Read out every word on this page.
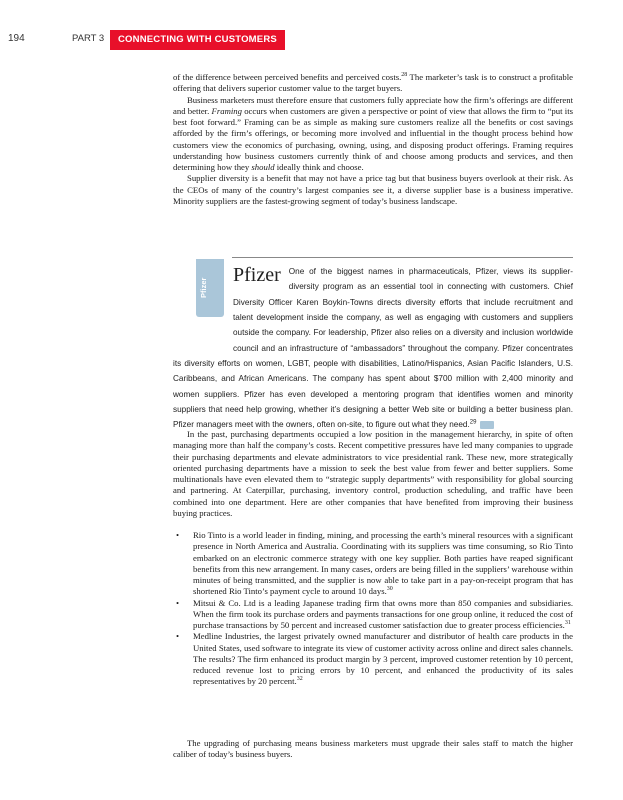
194	PART 3	CONNECTING WITH CUSTOMERS

of the difference between perceived benefits and perceived costs.$^{28}$ The marketer’s task is to construct a profitable offering that delivers superior customer value to the target buyers.

Business marketers must therefore ensure that customers fully appreciate how the firm’s offerings are different and better. Framing occurs when customers are given a perspective or point of view that allows the firm to “put its best foot forward.” Framing can be as simple as making sure customers realize all the benefits or cost savings afforded by the firm’s offerings, or becoming more involved and influential in the thought process behind how customers view the economics of purchasing, owning, using, and disposing product offerings. Framing requires understanding how business customers currently think of and choose among products and services, and then determining how they should ideally think and choose.

Supplier diversity is a benefit that may not have a price tag but that business buyers overlook at their risk. As the CEOs of many of the country’s largest companies see it, a diverse supplier base is a business imperative. Minority suppliers are the fastest-growing segment of today’s business landscape.

Pfizer
Pfizer One of the biggest names in pharmaceuticals, Pfizer, views its supplier-diversity program as an essential tool in connecting with customers. Chief Diversity Officer Karen Boykin-Towns directs diversity efforts that include recruitment and talent development inside the company, as well as engaging with customers and suppliers outside the company. For leadership, Pfizer also relies on a diversity and inclusion worldwide council and an infrastructure of “ambassadors” throughout the company. Pfizer concentrates its diversity efforts on women, LGBT, people with disabilities, Latino/Hispanics, Asian Pacific Islanders, U.S. Caribbeans, and African Americans. The company has spent about $700 million with 2,400 minority and women suppliers. Pfizer has even developed a mentoring program that identifies women and minority suppliers that need help growing, whether it’s designing a better Web site or building a better business plan. Pfizer managers meet with the owners, often on-site, to figure out what they need.$^{29}$

In the past, purchasing departments occupied a low position in the management hierarchy, in spite of often managing more than half the company’s costs. Recent competitive pressures have led many companies to upgrade their purchasing departments and elevate administrators to vice presidential rank. These new, more strategically oriented purchasing departments have a mission to seek the best value from fewer and better suppliers. Some multinationals have even elevated them to “strategic supply departments” with responsibility for global sourcing and partnering. At Caterpillar, purchasing, inventory control, production scheduling, and traffic have been combined into one department. Here are other companies that have benefited from improving their business buying practices.

• Rio Tinto is a world leader in finding, mining, and processing the earth’s mineral resources with a significant presence in North America and Australia. Coordinating with its suppliers was time consuming, so Rio Tinto embarked on an electronic commerce strategy with one key supplier. Both parties have reaped significant benefits from this new arrangement. In many cases, orders are being filled in the suppliers’ warehouse within minutes of being transmitted, and the supplier is now able to take part in a pay-on-receipt program that has shortened Rio Tinto’s payment cycle to around 10 days.$^{30}$
• Mitsui & Co. Ltd is a leading Japanese trading firm that owns more than 850 companies and subsidiaries. When the firm took its purchase orders and payments transactions for one group online, it reduced the cost of purchase transactions by 50 percent and increased customer satisfaction due to greater process efficiencies.$^{31}$
• Medline Industries, the largest privately owned manufacturer and distributor of health care products in the United States, used software to integrate its view of customer activity across online and direct sales channels. The results? The firm enhanced its product margin by 3 percent, improved customer retention by 10 percent, reduced revenue lost to pricing errors by 10 percent, and enhanced the productivity of its sales representatives by 20 percent.$^{32}$

The upgrading of purchasing means business marketers must upgrade their sales staff to match the higher caliber of today’s business buyers.
